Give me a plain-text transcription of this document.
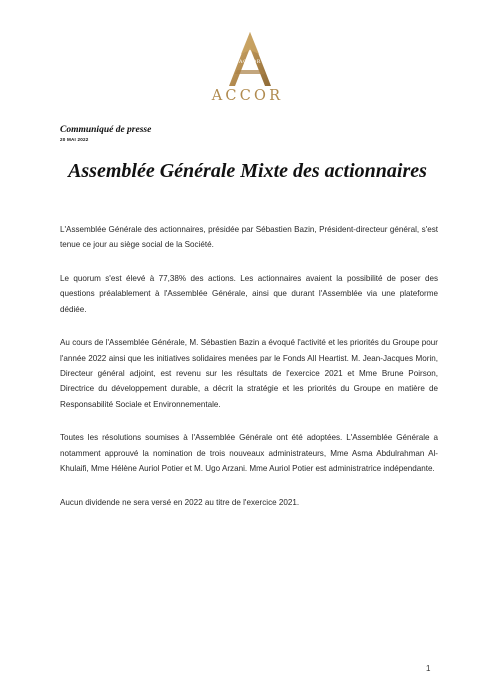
ACCOR
ACCOR
Communiqué de presse
20 MAI 2022
Assemblée Générale Mixte des actionnaires

L'Assemblée Générale des actionnaires, présidée par Sébastien Bazin, Président-directeur général, s'est tenue ce jour au siège social de la Société.

Le quorum s'est élevé à 77,38% des actions. Les actionnaires avaient la possibilité de poser des questions préalablement à l'Assemblée Générale, ainsi que durant l'Assemblée via une plateforme dédiée.

Au cours de l'Assemblée Générale, M. Sébastien Bazin a évoqué l'activité et les priorités du Groupe pour l'année 2022 ainsi que les initiatives solidaires menées par le Fonds All Heartist. M. Jean-Jacques Morin, Directeur général adjoint, est revenu sur les résultats de l'exercice 2021 et Mme Brune Poirson, Directrice du développement durable, a décrit la stratégie et les priorités du Groupe en matière de Responsabilité Sociale et Environnementale.

Toutes les résolutions soumises à l'Assemblée Générale ont été adoptées. L'Assemblée Générale a notamment approuvé la nomination de trois nouveaux administrateurs, Mme Asma Abdulrahman Al-Khulaifi, Mme Hélène Auriol Potier et M. Ugo Arzani. Mme Auriol Potier est administratrice indépendante.

Aucun dividende ne sera versé en 2022 au titre de l'exercice 2021.

1
